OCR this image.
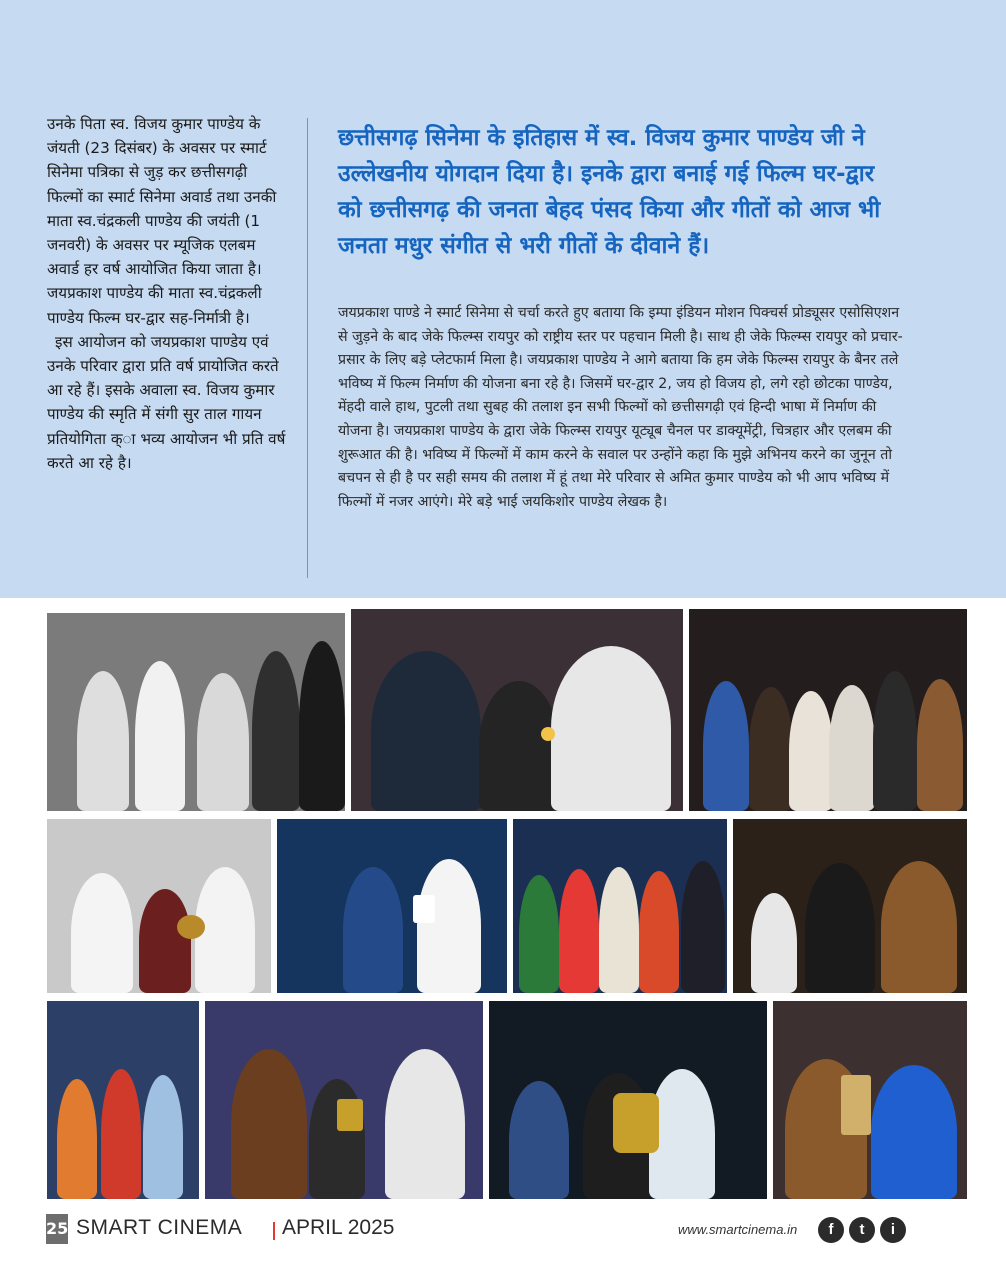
उनके पिता स्व. विजय कुमार पाण्डेय के जंयती (23 दिसंबर) के अवसर पर स्मार्ट सिनेमा पत्रिका से जुड़ कर छत्तीसगढ़ी फिल्मों का स्मार्ट सिनेमा अवार्ड तथा उनकी माता स्व.चंद्रकली पाण्डेय की जयंती (1 जनवरी) के अवसर पर म्यूजिक एलबम अवार्ड हर वर्ष आयोजित किया जाता है। जयप्रकाश पाण्डेय की माता स्व.चंद्रकली पाण्डेय फिल्म घर-द्वार सह-निर्मात्री है।

इस आयोजन को जयप्रकाश पाण्डेय एवं उनके परिवार द्वारा प्रति वर्ष प्रायोजित करते आ रहे हैं। इसके अवाला स्व. विजय कुमार पाण्डेय की स्मृति में संगी सुर ताल गायन प्रतियोगिता क्ा भव्य आयोजन भी प्रति वर्ष करते आ रहे है।

छत्तीसगढ़ सिनेमा के इतिहास में स्व. विजय कुमार पाण्डेय जी ने उल्लेखनीय योगदान दिया है। इनके द्वारा बनाई गई फिल्म घर-द्वार को छत्तीसगढ़ की जनता बेहद पंसद किया और गीतों को आज भी जनता मधुर संगीत से भरी गीतों के दीवाने हैं।
जयप्रकाश पाण्डे ने स्मार्ट सिनेमा से चर्चा करते हुए बताया कि इम्पा इंडियन मोशन पिक्चर्स प्रोड्यूसर एसोसिएशन से जुड़ने के बाद जेके फिल्म्स रायपुर को राष्ट्रीय स्तर पर पहचान मिली है। साथ ही जेके फिल्म्स रायपुर को प्रचार-प्रसार के लिए बड़े प्लेटफार्म मिला है। जयप्रकाश पाण्डेय ने आगे बताया कि हम जेके फिल्म्स रायपुर के बैनर तले भविष्य में फिल्म निर्माण की योजना बना रहे है। जिसमें घर-द्वार 2, जय हो विजय हो, लगे रहो छोटका पाण्डेय, मेंहदी वाले हाथ, पुटली तथा सुबह की तलाश इन सभी फिल्मों को छत्तीसगढ़ी एवं हिन्दी भाषा में निर्माण की योजना है। जयप्रकाश पाण्डेय के द्वारा जेके फिल्म्स रायपुर यूट्यूब चैनल पर डाक्यूमेंट्री, चित्रहार और एलबम की शुरूआत की है। भविष्य में फिल्मों में काम करने के सवाल पर उन्होंने कहा कि मुझे अभिनय करने का जुनून तो बचपन से ही है पर सही समय की तलाश में हूं तथा मेरे परिवार से अमित कुमार पाण्डेय को भी आप भविष्य में फिल्मों में नजर आएंगे। मेरे बड़े भाई जयकिशोर पाण्डेय लेखक है।
25 SMART CINEMA APRIL 2025	www.smartcinema.in	f	t	i
